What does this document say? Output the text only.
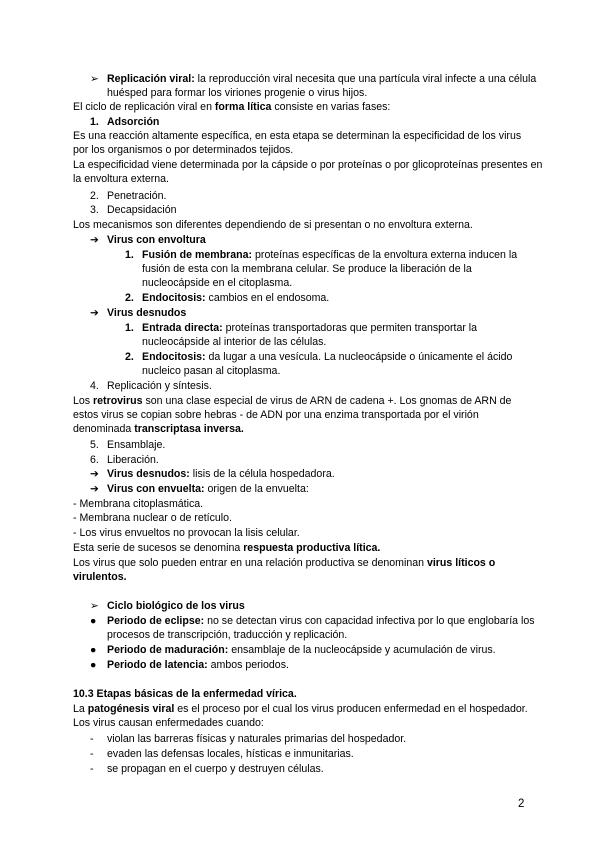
➢ Replicación viral: la reproducción viral necesita que una partícula viral infecte a una célula
huésped para formar los viriones progenie o virus hijos.
El ciclo de replicación viral en forma lítica consiste en varias fases:
1. Adsorción
Es una reacción altamente específica, en esta etapa se determinan la especificidad de los virus
por los organismos o por determinados tejidos.
La especificidad viene determinada por la cápside o por proteínas o por glicoproteínas presentes en
la envoltura externa.
2. Penetración.
3. Decapsidación
Los mecanismos son diferentes dependiendo de si presentan o no envoltura externa.
➔ Virus con envoltura
1. Fusión de membrana: proteínas específicas de la envoltura externa inducen la
fusión de esta con la membrana celular. Se produce la liberación de la
nucleocápside en el citoplasma.
2. Endocitosis: cambios en el endosoma.
➔ Virus desnudos
1. Entrada directa: proteínas transportadoras que permiten transportar la
nucleocápside al interior de las células.
2. Endocitosis: da lugar a una vesícula. La nucleocápside o únicamente el ácido
nucleico pasan al citoplasma.
4. Replicación y síntesis.
Los retrovirus son una clase especial de virus de ARN de cadena +. Los gnomas de ARN de
estos virus se copian sobre hebras - de ADN por una enzima transportada por el virión
denominada transcriptasa inversa.
5. Ensamblaje.
6. Liberación.
➔ Virus desnudos: lisis de la célula hospedadora.
➔ Virus con envuelta: origen de la envuelta:
- Membrana citoplasmática.
- Membrana nuclear o de retículo.
- Los virus envueltos no provocan la lisis celular.
Esta serie de sucesos se denomina respuesta productiva lítica.
Los virus que solo pueden entrar en una relación productiva se denominan virus líticos o
virulentos.
➢ Ciclo biológico de los virus
● Periodo de eclipse: no se detectan virus con capacidad infectiva por lo que englobaría los
procesos de transcripción, traducción y replicación.
● Periodo de maduración: ensamblaje de la nucleocápside y acumulación de virus.
● Periodo de latencia: ambos periodos.
10.3 Etapas básicas de la enfermedad vírica.
La patogénesis viral es el proceso por el cual los virus producen enfermedad en el hospedador.
Los virus causan enfermedades cuando:
- violan las barreras físicas y naturales primarias del hospedador.
- evaden las defensas locales, hísticas e inmunitarias.
- se propagan en el cuerpo y destruyen células.
2
